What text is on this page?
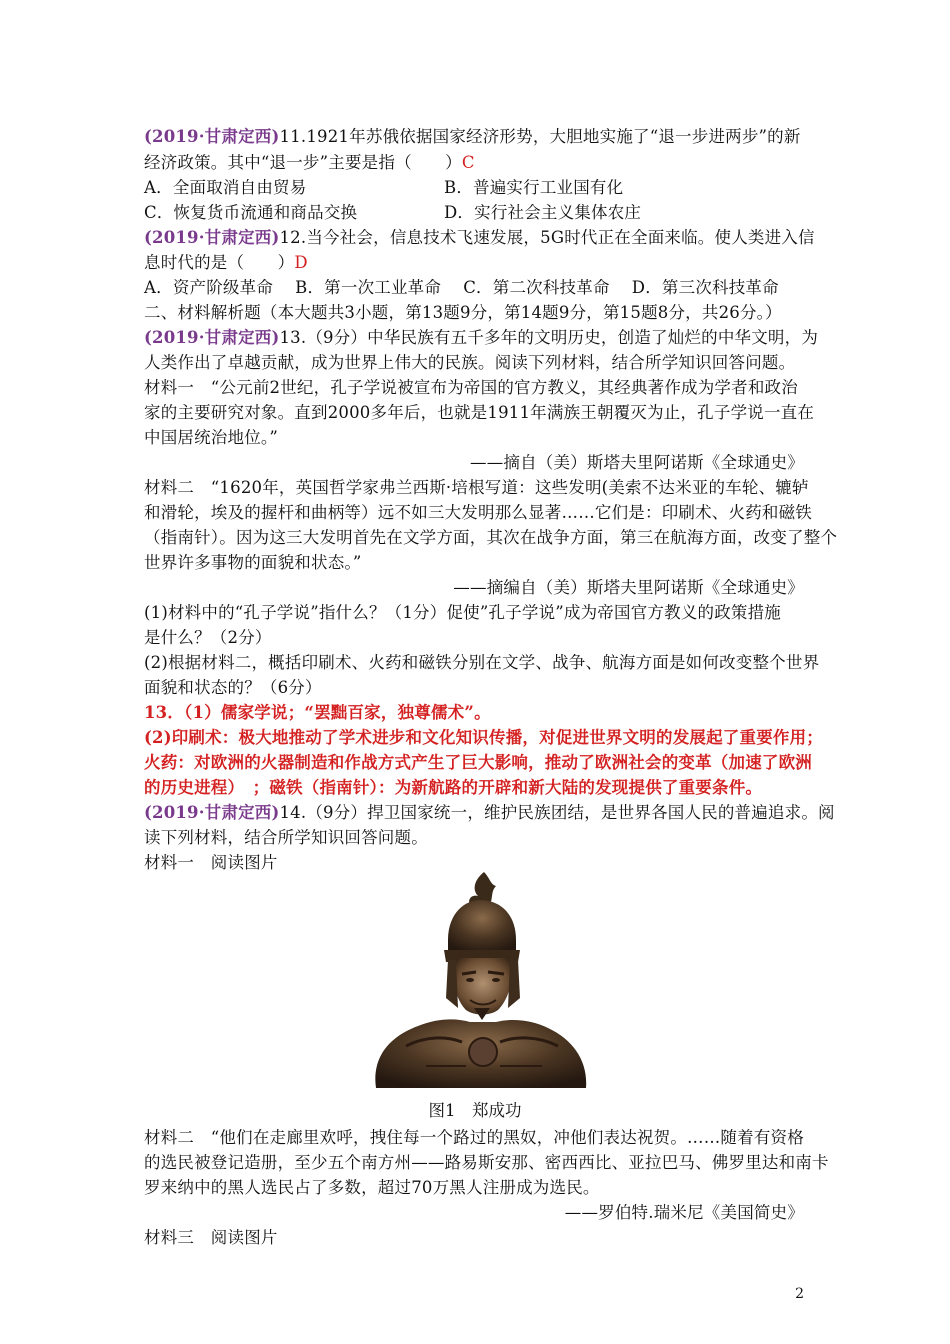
(2019·甘肃定西)11.1921年苏俄依据国家经济形势，大胆地实施了“退一步进两步”的新
经济政策。其中“退一步”主要是指（　　）C
A．全面取消自由贸易	B．普遍实行工业国有化
C．恢复货币流通和商品交换	D．实行社会主义集体农庄
(2019·甘肃定西)12.当今社会，信息技术飞速发展，5G时代正在全面来临。使人类进入信
息时代的是（　　）D
A．资产阶级革命　 B．第一次工业革命　 C．第二次科技革命　 D．第三次科技革命
二、材料解析题（本大题共3小题，第13题9分，第14题9分，第15题8分，共26分。）
(2019·甘肃定西)13.（9分）中华民族有五千多年的文明历史，创造了灿烂的中华文明，为
人类作出了卓越贡献，成为世界上伟大的民族。阅读下列材料，结合所学知识回答问题。
材料一　“公元前2世纪，孔子学说被宣布为帝国的官方教义，其经典著作成为学者和政治
家的主要研究对象。直到2000多年后，也就是1911年满族王朝覆灭为止，孔子学说一直在
中国居统治地位。”
——摘自（美）斯塔夫里阿诺斯《全球通史》
材料二　“1620年，英国哲学家弗兰西斯·培根写道：这些发明(美索不达米亚的车轮、辘轳
和滑轮，埃及的握杆和曲柄等）远不如三大发明那么显著……它们是：印刷术、火药和磁铁
（指南针）。因为这三大发明首先在文学方面，其次在战争方面，第三在航海方面，改变了整个
世界许多事物的面貌和状态。”
——摘编自（美）斯塔夫里阿诺斯《全球通史》
(1)材料中的“孔子学说”指什么？（1分）促使”孔子学说”成为帝国官方教义的政策措施
是什么？（2分）
(2)根据材料二，概括印刷术、火药和磁铁分别在文学、战争、航海方面是如何改变整个世界
面貌和状态的？（6分）
13．（1）儒家学说；“罢黜百家，独尊儒术”。
(2)印刷术：极大地推动了学术进步和文化知识传播，对促进世界文明的发展起了重要作用；
火药：对欧洲的火器制造和作战方式产生了巨大影响，推动了欧洲社会的变革（加速了欧洲
的历史进程）　；磁铁（指南针）：为新航路的开辟和新大陆的发现提供了重要条件。
(2019·甘肃定西)14.（9分）捍卫国家统一，维护民族团结，是世界各国人民的普遍追求。阅
读下列材料，结合所学知识回答问题。
材料一　阅读图片
图1　郑成功
材料二　“他们在走廊里欢呼，拽住每一个路过的黑奴，冲他们表达祝贺。……随着有资格
的选民被登记造册，至少五个南方州——路易斯安那、密西西比、亚拉巴马、佛罗里达和南卡
罗来纳中的黑人选民占了多数，超过70万黑人注册成为选民。
——罗伯特.瑞米尼《美国简史》
材料三　阅读图片
2
